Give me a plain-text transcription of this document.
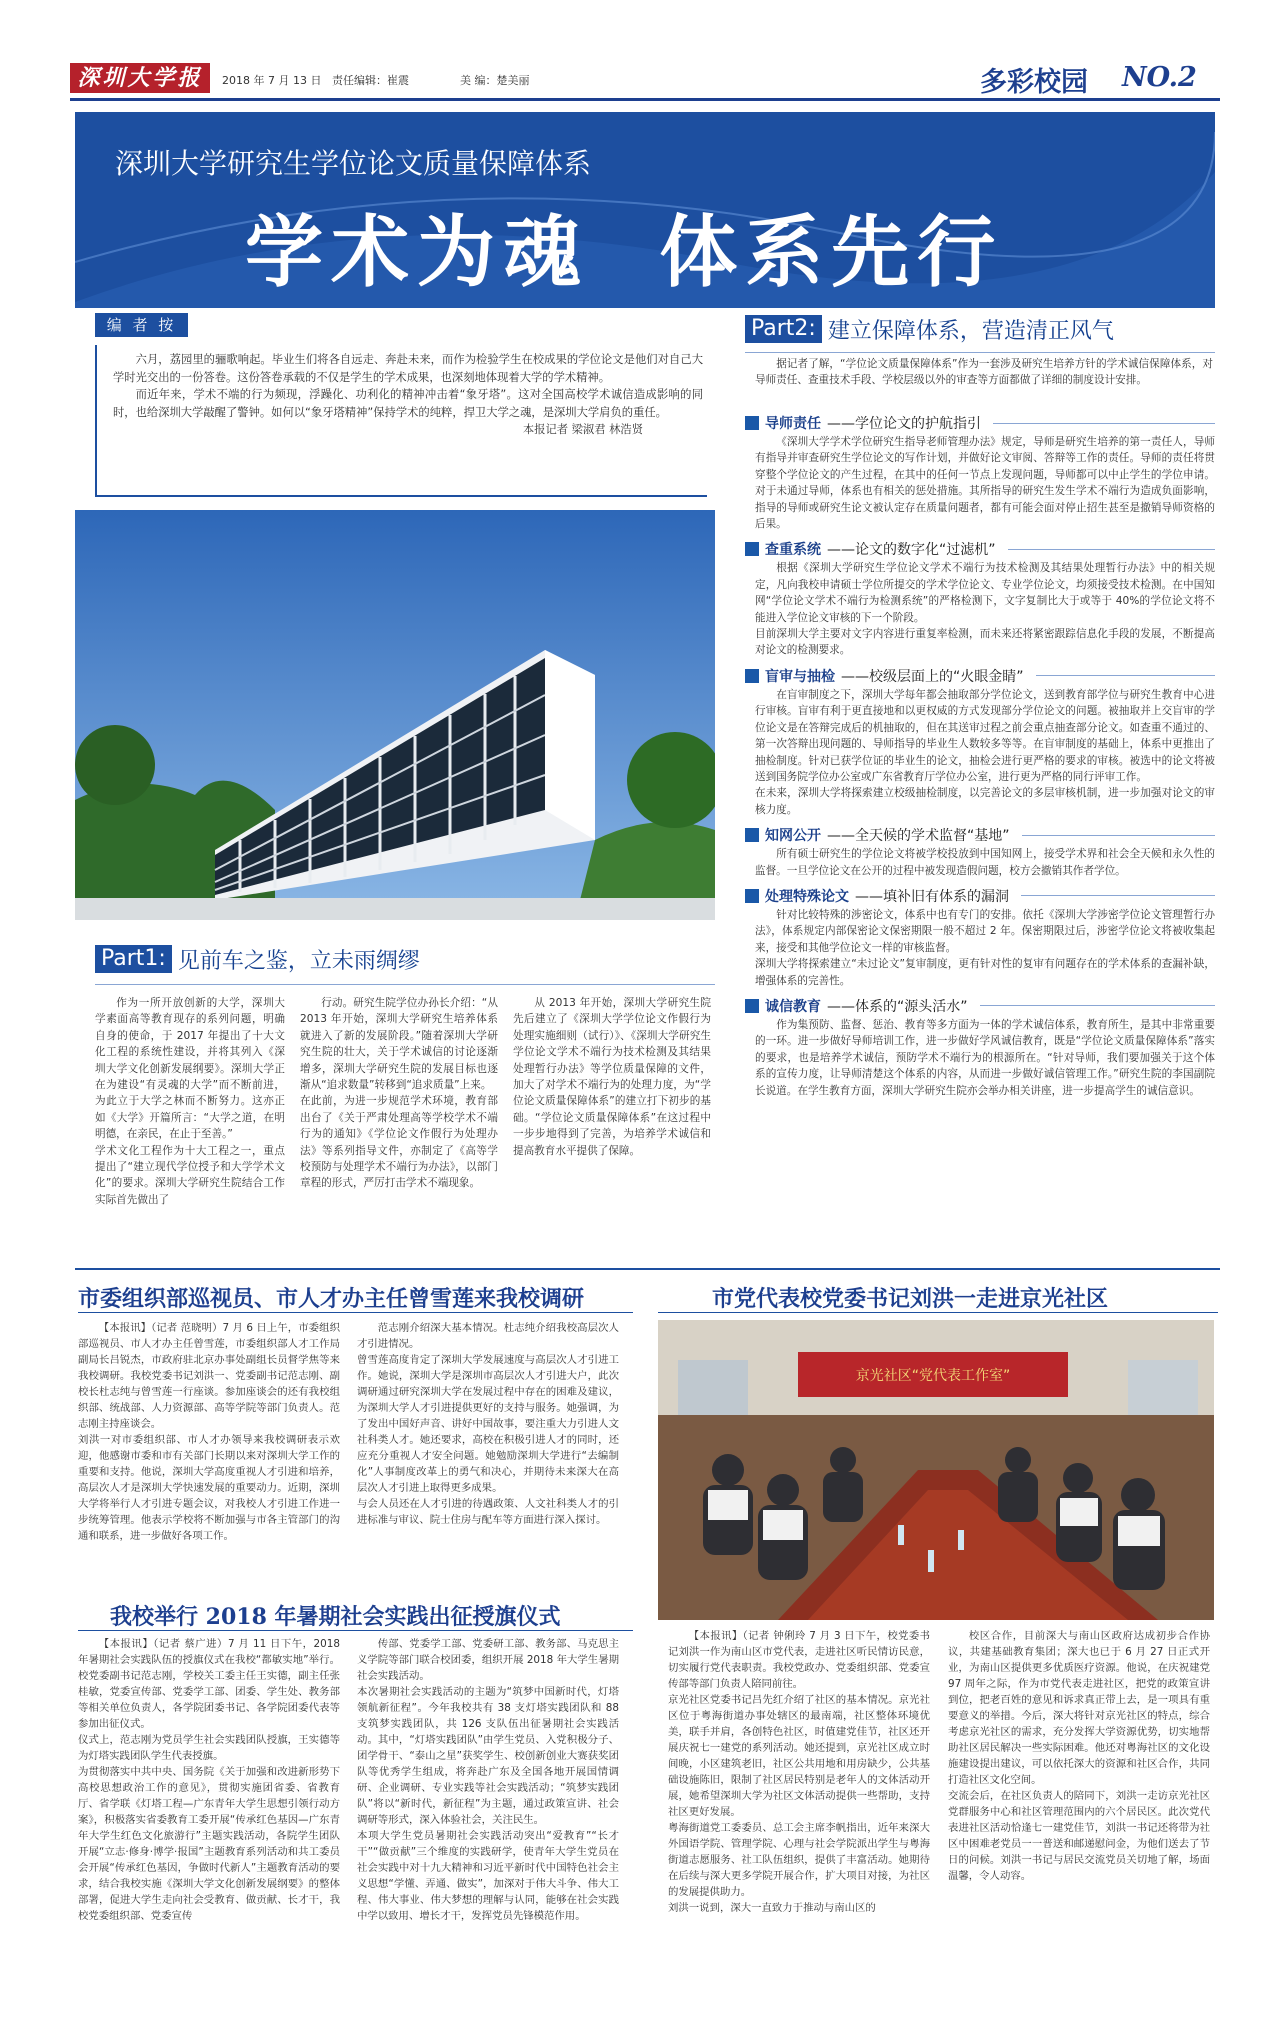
深圳大学报	2018 年 7 月 13 日 责任编辑：崔震	美 编：楚美丽	多彩校园 NO.2
深圳大学研究生学位论文质量保障体系
学术为魂  体系先行
编 者 按

六月，荔园里的骊歌响起。毕业生们将各自远走、奔赴未来，而作为检验学生在校成果的学位论文是他们对自己大学时光交出的一份答卷。这份答卷承载的不仅是学生的学术成果，也深刻地体现着大学的学术精神。

而近年来，学术不端的行为频现，浮躁化、功利化的精神冲击着“象牙塔”。这对全国高校学术诚信造成影响的同时，也给深圳大学敲醒了警钟。如何以“象牙塔精神”保持学术的纯粹，捍卫大学之魂，是深圳大学肩负的重任。

本报记者 梁淑君 林浩贤

Part1: 见前车之鉴，立未雨绸缪
作为一所开放创新的大学，深圳大学素面高等教育现存的系列问题，明确自身的使命，于 2017 年提出了十大文化工程的系统性建设，并将其列入《深圳大学文化创新发展纲要》。深圳大学正在为建设“有灵魂的大学”而不断前进，为此立于大学之林而不断努力。这亦正如《大学》开篇所言：“大学之道，在明明德，在亲民，在止于至善。”
学术文化工程作为十大工程之一，重点提出了“建立现代学位授予和大学学术文化”的要求。深圳大学研究生院结合工作实际首先做出了
行动。研究生院学位办孙长介绍：“从 2013 年开始，深圳大学研究生培养体系就进入了新的发展阶段。”随着深圳大学研究生院的壮大，关于学术诚信的讨论逐渐增多，深圳大学研究生院的发展目标也逐渐从“追求数量”转移到“追求质量”上来。
在此前，为进一步规范学术环境，教育部出台了《关于严肃处理高等学校学术不端行为的通知》《学位论文作假行为处理办法》等系列指导文件，亦制定了《高等学校预防与处理学术不端行为办法》，以部门章程的形式，严厉打击学术不端现象。
从 2013 年开始，深圳大学研究生院先后建立了《深圳大学学位论文作假行为处理实施细则（试行）》、《深圳大学研究生学位论文学术不端行为技术检测及其结果处理暂行办法》等学位质量保障的文件，加大了对学术不端行为的处理力度，为“学位论文质量保障体系”的建立打下初步的基础。“学位论文质量保障体系”在这过程中一步步地得到了完善，为培养学术诚信和提高教育水平提供了保障。
Part2: 建立保障体系，营造清正风气
据记者了解，“学位论文质量保障体系”作为一套涉及研究生培养方针的学术诚信保障体系，对导师责任、查重技术手段、学校层级以外的审查等方面都做了详细的制度设计安排。
导师责任 ——学位论文的护航指引
《深圳大学学术学位研究生指导老师管理办法》规定，导师是研究生培养的第一责任人，导师有指导并审查研究生学位论文的写作计划，并做好论文审阅、答辩等工作的责任。导师的责任将贯穿整个学位论文的产生过程，在其中的任何一节点上发现问题，导师都可以中止学生的学位申请。对于未通过导师，体系也有相关的惩处措施。其所指导的研究生发生学术不端行为造成负面影响，指导的导师或研究生论文被认定存在质量问题者，都有可能会面对停止招生甚至是撤销导师资格的后果。
查重系统 ——论文的数字化“过滤机”
根据《深圳大学研究生学位论文学术不端行为技术检测及其结果处理暂行办法》中的相关规定，凡向我校申请硕士学位所提交的学术学位论文、专业学位论文，均须接受技术检测。在中国知网“学位论文学术不端行为检测系统”的严格检测下，文字复制比大于或等于 40%的学位论文将不能进入学位论文审核的下一个阶段。
目前深圳大学主要对文字内容进行重复率检测，而未来还将紧密跟踪信息化手段的发展，不断提高对论文的检测要求。
盲审与抽检 ——校级层面上的“火眼金睛”
在盲审制度之下，深圳大学每年都会抽取部分学位论文，送到教育部学位与研究生教育中心进行审核。盲审有利于更直接地和以更权威的方式发现部分学位论文的问题。被抽取并上交盲审的学位论文是在答辩完成后的机抽取的，但在其送审过程之前会重点抽查部分论文。如查重不通过的、第一次答辩出现问题的、导师指导的毕业生人数较多等等。在盲审制度的基础上，体系中更推出了抽检制度。针对已获学位证的毕业生的论文，抽检会进行更严格的要求的审核。被选中的论文将被送到国务院学位办公室或广东省教育厅学位办公室，进行更为严格的同行评审工作。
在未来，深圳大学将探索建立校级抽检制度，以完善论文的多层审核机制，进一步加强对论文的审核力度。
知网公开 ——全天候的学术监督“基地”
所有硕士研究生的学位论文将被学校投放到中国知网上，接受学术界和社会全天候和永久性的监督。一旦学位论文在公开的过程中被发现造假问题，校方会撤销其作者学位。
处理特殊论文 ——填补旧有体系的漏洞
针对比较特殊的涉密论文，体系中也有专门的安排。依托《深圳大学涉密学位论文管理暂行办法》，体系规定内部保密论文保密期限一般不超过 2 年。保密期限过后，涉密学位论文将被收集起来，接受和其他学位论文一样的审核监督。
深圳大学将探索建立“未过论文”复审制度，更有针对性的复审有问题存在的学术体系的查漏补缺，增强体系的完善性。
诚信教育 ——体系的“源头活水”
作为集预防、监督、惩治、教育等多方面为一体的学术诚信体系，教育所生，是其中非常重要的一环。进一步做好导师培训工作，进一步做好学风诚信教育，既是“学位论文质量保障体系”落实的要求，也是培养学术诚信，预防学术不端行为的根源所在。“针对导师，我们要加强关于这个体系的宣传力度，让导师清楚这个体系的内容，从而进一步做好诚信管理工作。”研究生院的李国副院长说道。在学生教育方面，深圳大学研究生院亦会举办相关讲座，进一步提高学生的诚信意识。
市委组织部巡视员、市人才办主任曾雪莲来我校调研
【本报讯】（记者 范晓明）7 月 6 日上午，市委组织部巡视员、市人才办主任曾雪莲，市委组织部人才工作局副局长吕锐杰，市政府驻北京办事处副组长员督学焦等来我校调研。我校党委书记刘洪一、党委副书记范志刚、副校长杜志纯与曾雪莲一行座谈。参加座谈会的还有我校组织部、统战部、人力资源部、高等学院等部门负责人。范志刚主持座谈会。
刘洪一对市委组织部、市人才办领导来我校调研表示欢迎，他感谢市委和市有关部门长期以来对深圳大学工作的重要和支持。他说，深圳大学高度重视人才引进和培养，高层次人才是深圳大学快速发展的重要动力。近期，深圳大学将举行人才引进专题会议，对我校人才引进工作进一步统筹管理。他表示学校将不断加强与市各主管部门的沟通和联系，进一步做好各项工作。
范志刚介绍深大基本情况。杜志纯介绍我校高层次人才引进情况。
曾雪莲高度肯定了深圳大学发展速度与高层次人才引进工作。她说，深圳大学是深圳市高层次人才引进大户，此次调研通过研究深圳大学在发展过程中存在的困难及建议，为深圳大学人才引进提供更好的支持与服务。她强调，为了发出中国好声音、讲好中国故事，要注重大力引进人文社科类人才。她还要求，高校在积极引进人才的同时，还应充分重视人才安全问题。她勉励深圳大学进行“去编制化”人事制度改革上的勇气和决心，并期待未来深大在高层次人才引进上取得更多成果。
与会人员还在人才引进的待遇政策、人文社科类人才的引进标准与审议、院士住房与配车等方面进行深入探讨。
市党代表校党委书记刘洪一走进京光社区
京光社区“党代表工作室”
【本报讯】（记者 钟俐玲 7 月 3 日下午，校党委书记刘洪一作为南山区市党代表，走进社区听民情访民意，切实履行党代表职责。我校党政办、党委组织部、党委宣传部等部门负责人陪同前往。
京光社区党委书记吕先红介绍了社区的基本情况。京光社区位于粤海街道办事处辖区的最南端，社区整体环境优美，联手并肩，各创特色社区，时值建党佳节，社区还开展庆祝七一建党的系列活动。她还提到，京光社区成立时间晚，小区建筑老旧，社区公共用地和用房缺少，公共基础设施陈旧，限制了社区居民特别是老年人的文体活动开展，她希望深圳大学为社区文体活动提供一些帮助，支持社区更好发展。
粤海街道党工委委员、总工会主席李帆指出，近年来深大外国语学院、管理学院、心理与社会学院派出学生与粤海街道志愿服务、社工队伍组织，提供了丰富活动。她期待在后续与深大更多学院开展合作，扩大项目对接，为社区的发展提供助力。
刘洪一说到，深大一直致力于推动与南山区的
校区合作，目前深大与南山区政府达成初步合作协议，共建基础教育集团；深大也已于 6 月 27 日正式开业，为南山区提供更多优质医疗资源。他说，在庆祝建党 97 周年之际，作为市党代表走进社区，把党的政策宣讲到位，把老百姓的意见和诉求真正带上去，是一项具有重要意义的举措。今后，深大将针对京光社区的特点，综合考虑京光社区的需求，充分发挥大学资源优势，切实地帮助社区居民解决一些实际困难。他还对粤海社区的文化设施建设提出建议，可以依托深大的资源和社区合作，共同打造社区文化空间。
交流会后，在社区负责人的陪同下，刘洪一走访京光社区党群服务中心和社区管理范围内的六个居民区。此次党代表进社区活动恰逢七一建党佳节，刘洪一书记还将带为社区中困难老党员一一普送和邮递慰问金，为他们送去了节日的问候。刘洪一书记与居民交流党员关切地了解，场面温馨，令人动容。
我校举行 2018 年暑期社会实践出征授旗仪式
【本报讯】（记者 蔡广进）7 月 11 日下午，2018 年暑期社会实践队伍的授旗仪式在我校“都敏实地”举行。校党委副书记范志刚，学校关工委主任王实德，副主任张桂敏，党委宣传部、党委学工部、团委、学生处、教务部等相关单位负责人，各学院团委书记、各学院团委代表等参加出征仪式。
仪式上，范志刚为党员学生社会实践团队授旗，王实德等为灯塔实践团队学生代表授旗。
为贯彻落实中共中央、国务院《关于加强和改进新形势下高校思想政治工作的意见》，贯彻实施团省委、省教育厅、省学联《灯塔工程—广东青年大学生思想引领行动方案》，积极落实省委教育工委开展“传承红色基因—广东青年大学生红色文化旅游行”主题实践活动，各院学生团队开展“立志·修身·博学·报国”主题教育系列活动和共工委员会开展“传承红色基因，争做时代新人”主题教育活动的要求，结合我校实施《深圳大学文化创新发展纲要》的整体部署，促进大学生走向社会受教育、做贡献、长才干，我校党委组织部、党委宣传
传部、党委学工部、党委研工部、教务部、马克思主义学院等部门联合校团委，组织开展 2018 年大学生暑期社会实践活动。
本次暑期社会实践活动的主题为“筑梦中国新时代，灯塔领航新征程”。今年我校共有 38 支灯塔实践团队和 88 支筑梦实践团队，共 126 支队伍出征暑期社会实践活动。其中，“灯塔实践团队”由学生党员、入党积极分子、团学骨干、“泰山之星”获奖学生、校创新创业大赛获奖团队等优秀学生组成，将奔赴广东及全国各地开展国情调研、企业调研、专业实践等社会实践活动；“筑梦实践团队”将以“新时代，新征程”为主题，通过政策宣讲、社会调研等形式，深入体验社会，关注民生。
本项大学生党员暑期社会实践活动突出“爱教育”“长才干”“做贡献”三个维度的实践研学，使青年大学生党员在社会实践中对十九大精神和习近平新时代中国特色社会主义思想“学懂、弄通、做实”，加深对于伟大斗争、伟大工程、伟大事业、伟大梦想的理解与认同，能够在社会实践中学以致用、增长才干，发挥党员先锋模范作用。
